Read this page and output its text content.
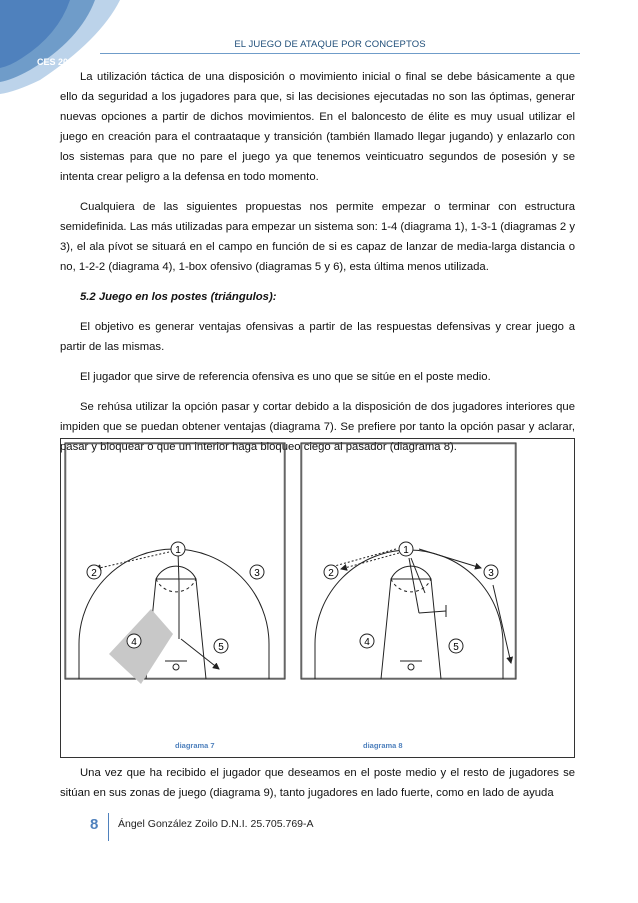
EL JUEGO DE ATAQUE POR CONCEPTOS
CES 2008

La utilización táctica de una disposición o movimiento inicial o final se debe básicamente a que ello da seguridad a los jugadores para que, si las decisiones ejecutadas no son las óptimas, generar nuevas opciones a partir de dichos movimientos. En el baloncesto de élite es muy usual utilizar el juego en creación para el contraataque y transición (también llamado llegar jugando) y enlazarlo con los sistemas para que no pare el juego ya que tenemos veinticuatro segundos de posesión y se intenta crear peligro a la defensa en todo momento.

Cualquiera de las siguientes propuestas nos permite empezar o terminar con estructura semidefinida. Las más utilizadas para empezar un sistema son: 1-4 (diagrama 1), 1-3-1 (diagramas 2 y 3), el ala pívot se situará en el campo en función de si es capaz de lanzar de media-larga distancia o no, 1-2-2 (diagrama 4), 1-box ofensivo (diagramas 5 y 6), esta última menos utilizada.

5.2 Juego en los postes (triángulos):

El objetivo es generar ventajas ofensivas a partir de las respuestas defensivas y crear juego a partir de las mismas.

El jugador que sirve de referencia ofensiva es uno que se sitúe en el poste medio.

Se rehúsa utilizar la opción pasar y cortar debido a la disposición de dos jugadores interiores que impiden que se puedan obtener ventajas (diagrama 7). Se prefiere por tanto la opción pasar y aclarar, pasar y bloquear o que un interior haga bloqueo ciego al pasador (diagrama 8).

1
2	3
4	5
1
2	3
4	5
diagrama 7	diagrama 8

Una vez que ha recibido el jugador que deseamos en el poste medio y el resto de jugadores se sitúan en sus zonas de juego (diagrama 9), tanto jugadores en lado fuerte, como en lado de ayuda

8 Ángel González Zoilo D.N.I. 25.705.769-A
